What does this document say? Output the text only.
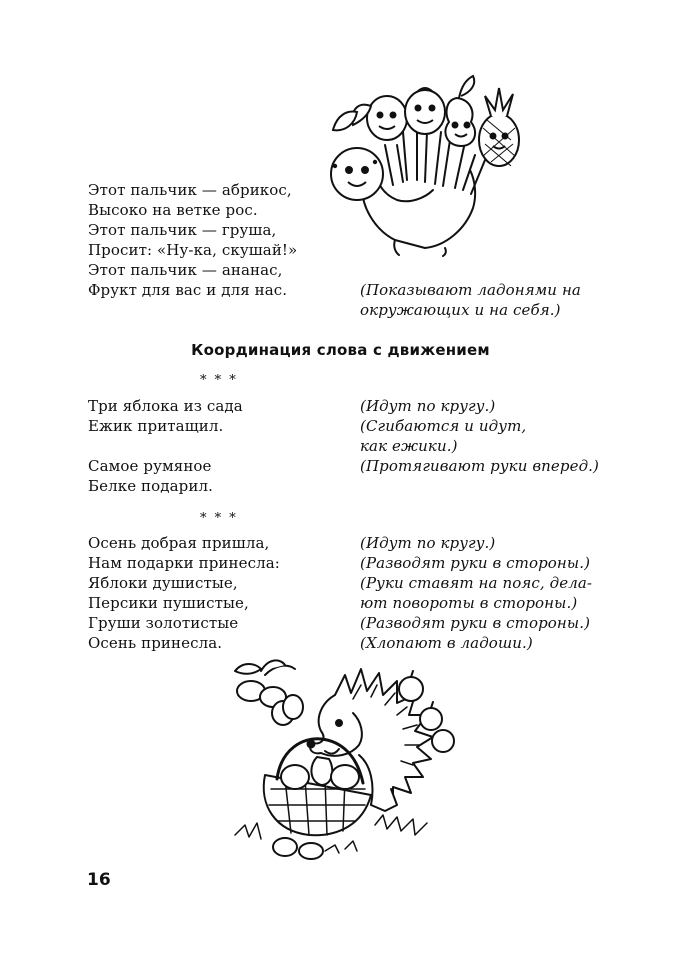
Этот пальчик — абрикос,
Высоко на ветке рос.
Этот пальчик — груша,
Просит: «Ну-ка, скушай!»
Этот пальчик — ананас,
Фрукт для вас и для нас.	(Показывают ладонями на
окружающих и на себя.)
Координация слова с движением
* * *
Три яблока из сада
Ежик притащил.
Самое румяное
Белке подарил.
(Идут по кругу.)
(Сгибаются и идут,
как ежики.)
(Протягивают руки вперед.)
* * *
Осень добрая пришла,
Нам подарки принесла:
Яблоки душистые,
Персики пушистые,
Груши золотистые
Осень принесла.
(Идут по кругу.)
(Разводят руки в стороны.)
(Руки ставят на пояс, дела-
ют повороты в стороны.)
(Разводят руки в стороны.)
(Хлопают в ладоши.)
16
